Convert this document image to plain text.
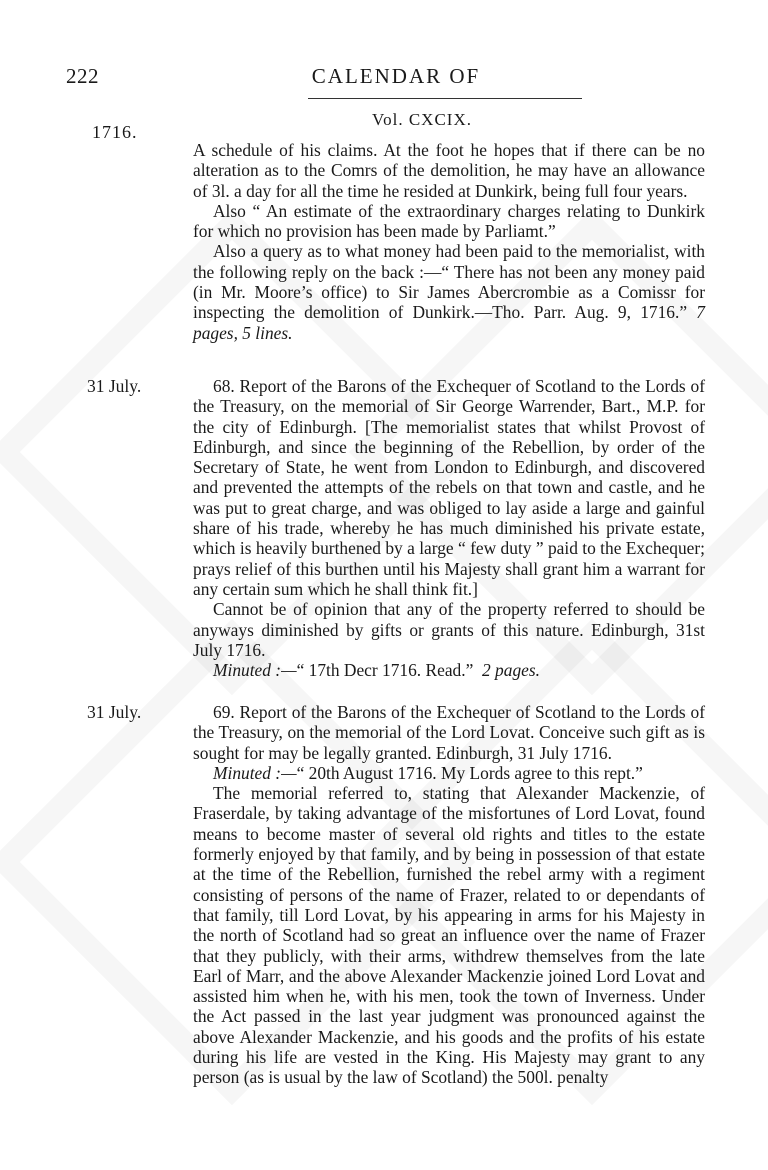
222	CALENDAR OF
Vol. CXCIX.
1716.

A schedule of his claims. At the foot he hopes that if there can be no alteration as to the Comrs of the demolition, he may have an allowance of 3l. a day for all the time he resided at Dunkirk, being full four years.

Also “ An estimate of the extraordinary charges relating to Dunkirk for which no provision has been made by Parliamt.”

Also a query as to what money had been paid to the memorialist, with the following reply on the back :—“ There has not been any money paid (in Mr. Moore’s office) to Sir James Abercrombie as a Comissr for inspecting the demolition of Dunkirk.—Tho. Parr. Aug. 9, 1716.” 7 pages, 5 lines.

31 July.	68. Report of the Barons of the Exchequer of Scotland to the Lords of the Treasury, on the memorial of Sir George Warrender, Bart., M.P. for the city of Edinburgh. [The memorialist states that whilst Provost of Edinburgh, and since the beginning of the Rebellion, by order of the Secretary of State, he went from London to Edinburgh, and discovered and prevented the attempts of the rebels on that town and castle, and he was put to great charge, and was obliged to lay aside a large and gainful share of his trade, whereby he has much diminished his private estate, which is heavily burthened by a large “ few duty ” paid to the Exchequer; prays relief of this burthen until his Majesty shall grant him a warrant for any certain sum which he shall think fit.]

Cannot be of opinion that any of the property referred to should be anyways diminished by gifts or grants of this nature. Edinburgh, 31st July 1716.

Minuted :—“ 17th Decr 1716. Read.” 2 pages.

31 July.	69. Report of the Barons of the Exchequer of Scotland to the Lords of the Treasury, on the memorial of the Lord Lovat. Conceive such gift as is sought for may be legally granted. Edinburgh, 31 July 1716.

Minuted :—“ 20th August 1716. My Lords agree to this rept.”

The memorial referred to, stating that Alexander Mackenzie, of Fraserdale, by taking advantage of the misfortunes of Lord Lovat, found means to become master of several old rights and titles to the estate formerly enjoyed by that family, and by being in possession of that estate at the time of the Rebellion, furnished the rebel army with a regiment consisting of persons of the name of Frazer, related to or dependants of that family, till Lord Lovat, by his appearing in arms for his Majesty in the north of Scotland had so great an influence over the name of Frazer that they publicly, with their arms, withdrew themselves from the late Earl of Marr, and the above Alexander Mackenzie joined Lord Lovat and assisted him when he, with his men, took the town of Inverness. Under the Act passed in the last year judgment was pronounced against the above Alexander Mackenzie, and his goods and the profits of his estate during his life are vested in the King. His Majesty may grant to any person (as is usual by the law of Scotland) the 500l. penalty
